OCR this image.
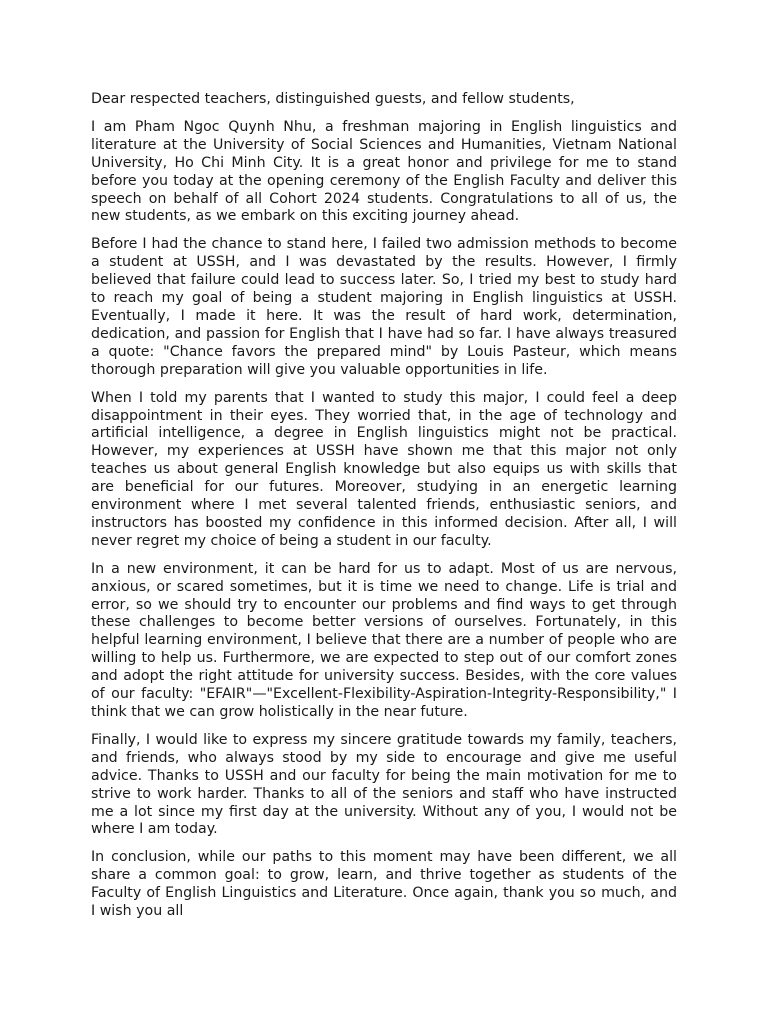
Dear respected teachers, distinguished guests, and fellow students,

I am Pham Ngoc Quynh Nhu, a freshman majoring in English linguistics and literature at the University of Social Sciences and Humanities, Vietnam National University, Ho Chi Minh City. It is a great honor and privilege for me to stand before you today at the opening ceremony of the English Faculty and deliver this speech on behalf of all Cohort 2024 students. Congratulations to all of us, the new students, as we embark on this exciting journey ahead.

Before I had the chance to stand here, I failed two admission methods to become a student at USSH, and I was devastated by the results. However, I firmly believed that failure could lead to success later. So, I tried my best to study hard to reach my goal of being a student majoring in English linguistics at USSH. Eventually, I made it here. It was the result of hard work, determination, dedication, and passion for English that I have had so far. I have always treasured a quote: "Chance favors the prepared mind" by Louis Pasteur, which means thorough preparation will give you valuable opportunities in life.

When I told my parents that I wanted to study this major, I could feel a deep disappointment in their eyes. They worried that, in the age of technology and artificial intelligence, a degree in English linguistics might not be practical. However, my experiences at USSH have shown me that this major not only teaches us about general English knowledge but also equips us with skills that are beneficial for our futures. Moreover, studying in an energetic learning environment where I met several talented friends, enthusiastic seniors, and instructors has boosted my confidence in this informed decision. After all, I will never regret my choice of being a student in our faculty.

In a new environment, it can be hard for us to adapt. Most of us are nervous, anxious, or scared sometimes, but it is time we need to change. Life is trial and error, so we should try to encounter our problems and find ways to get through these challenges to become better versions of ourselves. Fortunately, in this helpful learning environment, I believe that there are a number of people who are willing to help us. Furthermore, we are expected to step out of our comfort zones and adopt the right attitude for university success. Besides, with the core values of our faculty: "EFAIR"—"Excellent-Flexibility-Aspiration-Integrity-Responsibility," I think that we can grow holistically in the near future.

Finally, I would like to express my sincere gratitude towards my family, teachers, and friends, who always stood by my side to encourage and give me useful advice. Thanks to USSH and our faculty for being the main motivation for me to strive to work harder. Thanks to all of the seniors and staff who have instructed me a lot since my first day at the university. Without any of you, I would not be where I am today.

In conclusion, while our paths to this moment may have been different, we all share a common goal: to grow, learn, and thrive together as students of the Faculty of English Linguistics and Literature. Once again, thank you so much, and I wish you all
